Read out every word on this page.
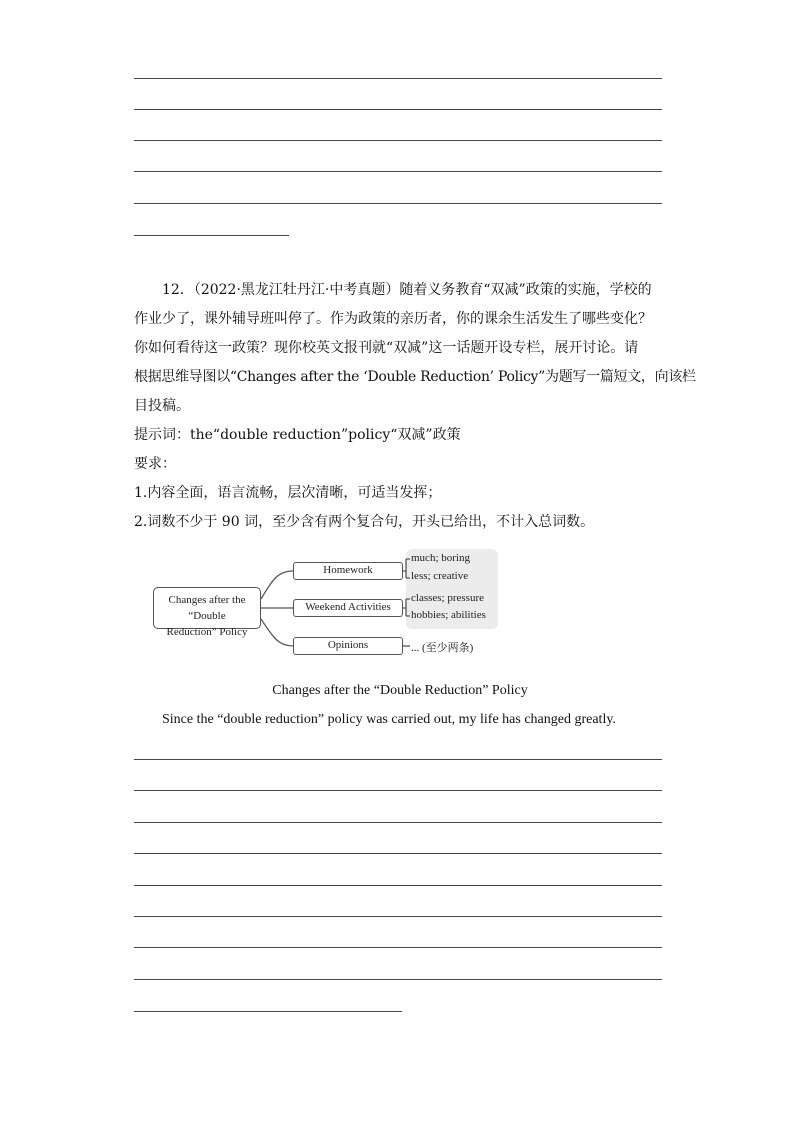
12．（2022·黑龙江牡丹江·中考真题）随着义务教育“双减”政策的实施，学校的
作业少了，课外辅导班叫停了。作为政策的亲历者，你的课余生活发生了哪些变化？
你如何看待这一政策？现你校英文报刊就“双减”这一话题开设专栏，展开讨论。请
根据思维导图以“Changes after the ‘Double Reduction’ Policy”为题写一篇短文，向该栏
目投稿。
提示词：the“double reduction”policy“双减”政策
要求：
1.内容全面，语言流畅，层次清晰，可适当发挥；
2.词数不少于 90 词，至少含有两个复合句，开头已给出，不计入总词数。
Changes after the “Double
Reduction” Policy
Homework
Weekend Activities
Opinions
much; boring
less; creative
classes; pressure
hobbies; abilities
... (至少两条)
Changes after the “Double Reduction” Policy
Since the “double reduction” policy was carried out, my life has changed greatly.
